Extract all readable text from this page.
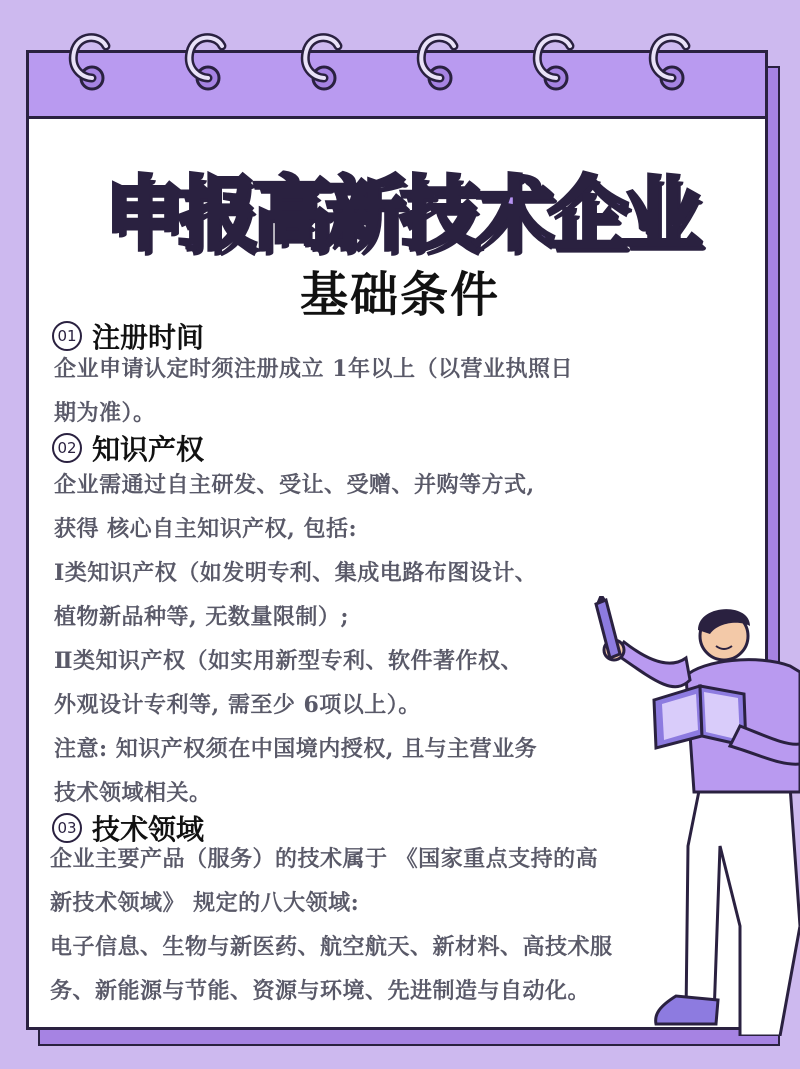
申报高新技术企业
基础条件
01 注册时间
企业申请认定时须注册成立 1年以上（以营业执照日
期为准）。
02 知识产权
企业需通过自主研发、受让、受赠、并购等方式,
获得 核心自主知识产权, 包括:
Ⅰ类知识产权（如发明专利、集成电路布图设计、
植物新品种等, 无数量限制）;
Ⅱ类知识产权（如实用新型专利、软件著作权、
外观设计专利等, 需至少 6项以上）。
注意: 知识产权须在中国境内授权, 且与主营业务
技术领域相关。
03 技术领域
企业主要产品（服务）的技术属于 《国家重点支持的高
新技术领域》 规定的八大领域:
电子信息、生物与新医药、航空航天、新材料、高技术服
务、新能源与节能、资源与环境、先进制造与自动化。
